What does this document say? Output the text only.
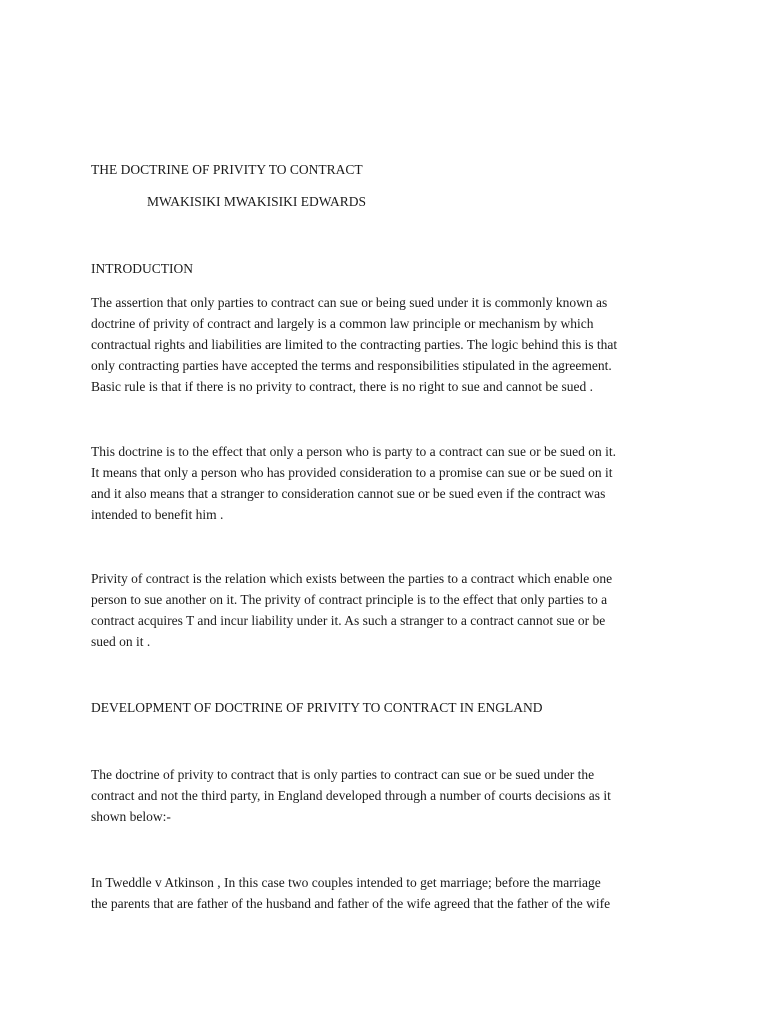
THE DOCTRINE OF PRIVITY TO CONTRACT
MWAKISIKI MWAKISIKI EDWARDS
INTRODUCTION
The assertion that only parties to contract can sue or being sued under it is commonly known as
doctrine of privity of contract and largely is a common law principle or mechanism by which
contractual rights and liabilities are limited to the contracting parties. The logic behind this is that
only contracting parties have accepted the terms and responsibilities stipulated in the agreement.
Basic rule is that if there is no privity to contract, there is no right to sue and cannot be sued .
This doctrine is to the effect that only a person who is party to a contract can sue or be sued on it.
It means that only a person who has provided consideration to a promise can sue or be sued on it
and it also means that a stranger to consideration cannot sue or be sued even if the contract was
intended to benefit him .
Privity of contract is the relation which exists between the parties to a contract which enable one
person to sue another on it. The privity of contract principle is to the effect that only parties to a
contract acquires T and incur liability under it. As such a stranger to a contract cannot sue or be
sued on it .
DEVELOPMENT OF DOCTRINE OF PRIVITY TO CONTRACT IN ENGLAND
The doctrine of privity to contract that is only parties to contract can sue or be sued under the
contract and not the third party, in England developed through a number of courts decisions as it
shown below:-
In Tweddle v Atkinson , In this case two couples intended to get marriage; before the marriage
the parents that are father of the husband and father of the wife agreed that the father of the wife
